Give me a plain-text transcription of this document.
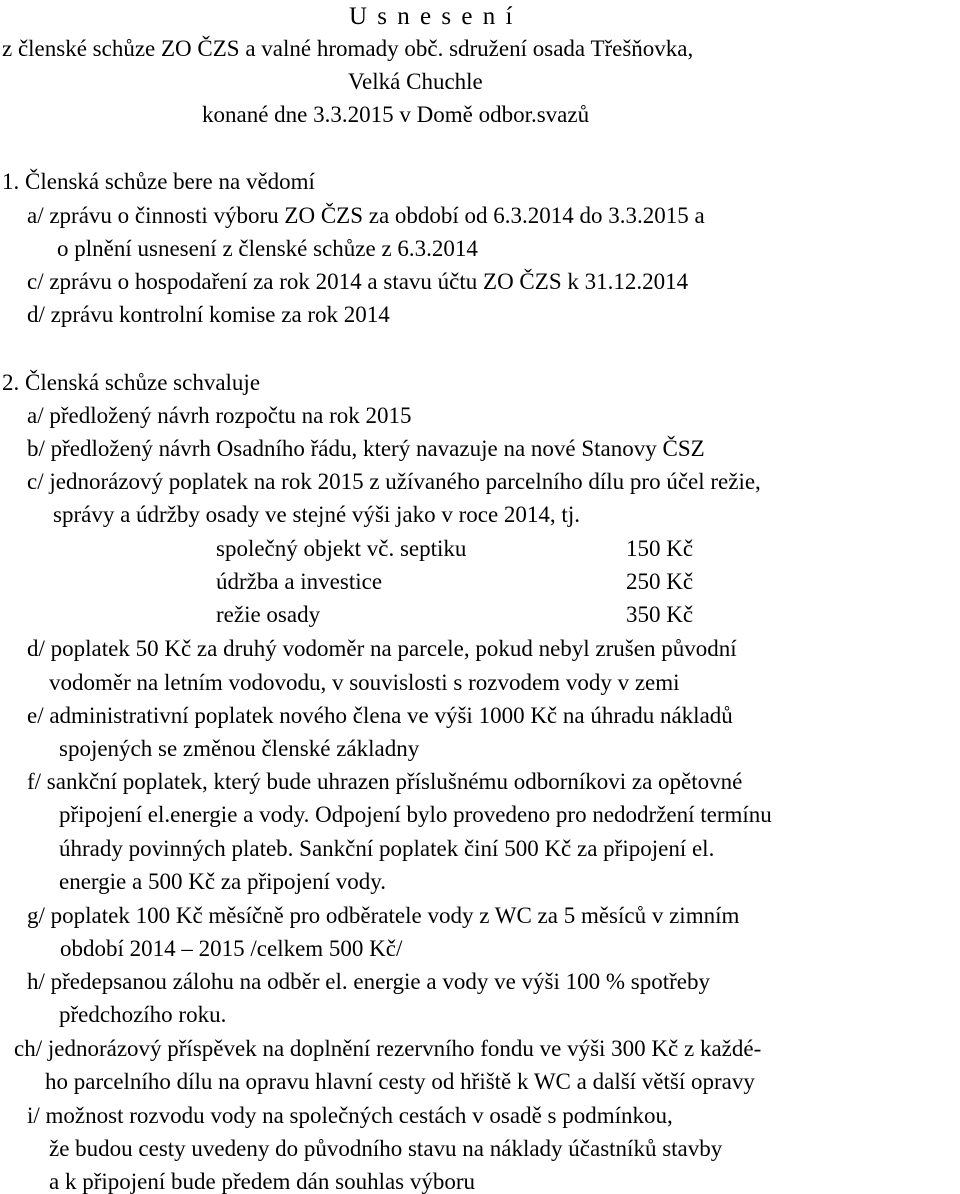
U s n e s e n í
z členské schůze ZO ČZS a valné hromady obč. sdružení osada Třešňovka,
Velká Chuchle
konané dne 3.3.2015 v Domě odbor.svazů
1. Členská schůze bere na vědomí
a/ zprávu o činnosti výboru ZO ČZS za období od 6.3.2014 do 3.3.2015 a
o plnění usnesení z členské schůze z 6.3.2014
c/ zprávu o hospodaření za rok 2014 a stavu účtu ZO ČZS k 31.12.2014
d/ zprávu kontrolní komise za rok 2014
2. Členská schůze schvaluje
a/ předložený návrh rozpočtu na rok 2015
b/ předložený návrh Osadního řádu, který navazuje na nové Stanovy ČSZ
c/ jednorázový poplatek na rok 2015 z užívaného parcelního dílu pro účel režie,
správy a údržby osady ve stejné výši jako v roce 2014, tj.
společný objekt vč. septiku	150 Kč
údržba a investice	250 Kč
režie osady	350 Kč
d/ poplatek 50 Kč za druhý vodoměr na parcele, pokud nebyl zrušen původní
vodoměr na letním vodovodu, v souvislosti s rozvodem vody v zemi
e/ administrativní poplatek nového člena ve výši 1000 Kč na úhradu nákladů
spojených se změnou členské základny
f/ sankční poplatek, který bude uhrazen příslušnému odborníkovi za opětovné
připojení el.energie a vody. Odpojení bylo provedeno pro nedodržení termínu
úhrady povinných plateb. Sankční poplatek činí 500 Kč za připojení el.
energie a 500 Kč za připojení vody.
g/ poplatek 100 Kč měsíčně pro odběratele vody z WC za 5 měsíců v zimním
období 2014 – 2015 /celkem 500 Kč/
h/ předepsanou zálohu na odběr el. energie a vody ve výši 100 % spotřeby
předchozího roku.
ch/ jednorázový příspěvek na doplnění rezervního fondu ve výši 300 Kč z každé-
ho parcelního dílu na opravu hlavní cesty od hřiště k WC a další větší opravy
i/ možnost rozvodu vody na společných cestách v osadě s podmínkou,
že budou cesty uvedeny do původního stavu na náklady účastníků stavby
a k připojení bude předem dán souhlas výboru
